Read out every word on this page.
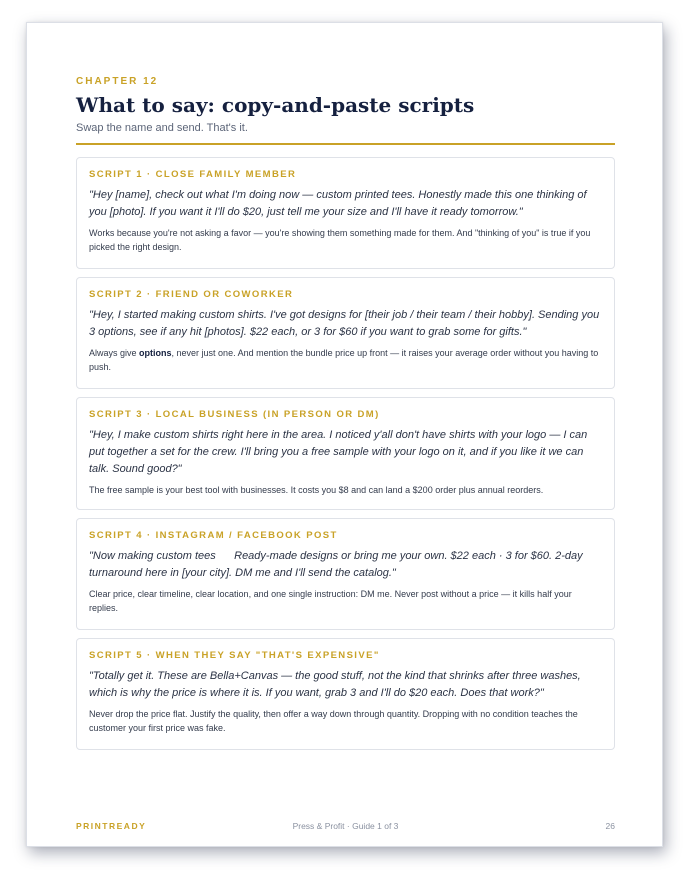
CHAPTER 12
What to say: copy-and-paste scripts
Swap the name and send. That's it.
SCRIPT 1 · CLOSE FAMILY MEMBER
"Hey [name], check out what I'm doing now — custom printed tees. Honestly made this one thinking of you [photo]. If you want it I'll do $20, just tell me your size and I'll have it ready tomorrow."
Works because you're not asking a favor — you're showing them something made for them. And "thinking of you" is true if you picked the right design.
SCRIPT 2 · FRIEND OR COWORKER
"Hey, I started making custom shirts. I've got designs for [their job / their team / their hobby]. Sending you 3 options, see if any hit [photos]. $22 each, or 3 for $60 if you want to grab some for gifts."
Always give options, never just one. And mention the bundle price up front — it raises your average order without you having to push.
SCRIPT 3 · LOCAL BUSINESS (IN PERSON OR DM)
"Hey, I make custom shirts right here in the area. I noticed y'all don't have shirts with your logo — I can put together a set for the crew. I'll bring you a free sample with your logo on it, and if you like it we can talk. Sound good?"
The free sample is your best tool with businesses. It costs you $8 and can land a $200 order plus annual reorders.
SCRIPT 4 · INSTAGRAM / FACEBOOK POST
"Now making custom tees      Ready-made designs or bring me your own. $22 each · 3 for $60. 2-day turnaround here in [your city]. DM me and I'll send the catalog."
Clear price, clear timeline, clear location, and one single instruction: DM me. Never post without a price — it kills half your replies.
SCRIPT 5 · WHEN THEY SAY "THAT'S EXPENSIVE"
"Totally get it. These are Bella+Canvas — the good stuff, not the kind that shrinks after three washes, which is why the price is where it is. If you want, grab 3 and I'll do $20 each. Does that work?"
Never drop the price flat. Justify the quality, then offer a way down through quantity. Dropping with no condition teaches the customer your first price was fake.
PRINTREADY	Press & Profit · Guide 1 of 3	26
